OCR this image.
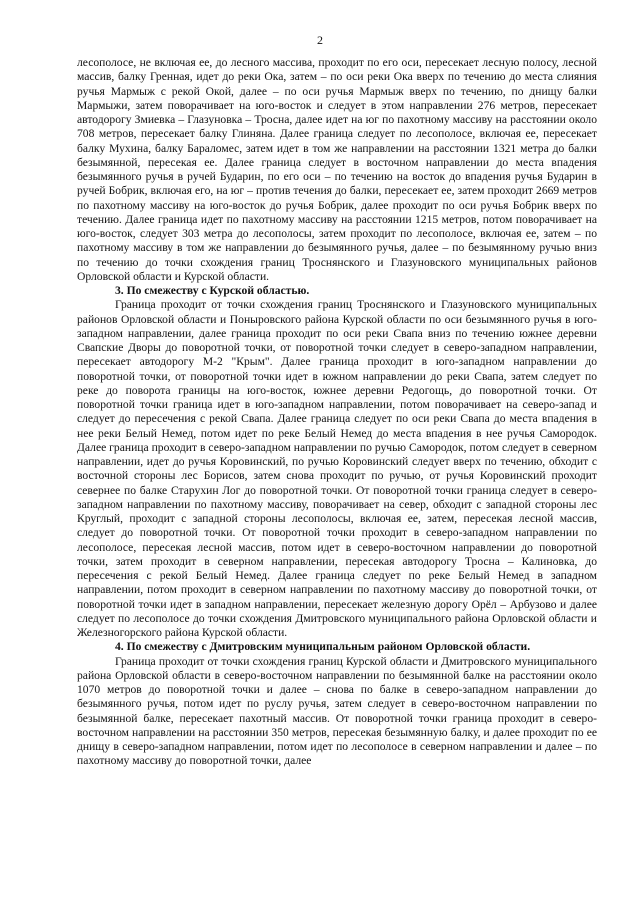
2

лесополосе, не включая ее, до лесного массива, проходит по его оси, пересекает лесную полосу, лесной массив, балку Гренная, идет до реки Ока, затем – по оси реки Ока вверх по течению до места слияния ручья Мармыж с рекой Окой, далее – по оси ручья Мармыж вверх по течению, по днищу балки Мармыжи, затем поворачивает на юго-восток и следует в этом направлении 276 метров, пересекает автодорогу Змиевка – Глазуновка – Тросна, далее идет на юг по пахотному массиву на расстоянии около 708 метров, пересекает балку Глиняна. Далее граница следует по лесополосе, включая ее, пересекает балку Мухина, балку Бараломес, затем идет в том же направлении на расстоянии 1321 метра до балки безымянной, пересекая ее. Далее граница следует в восточном направлении до места впадения безымянного ручья в ручей Бударин, по его оси – по течению на восток до впадения ручья Бударин в ручей Бобрик, включая его, на юг – против течения до балки, пересекает ее, затем проходит 2669 метров по пахотному массиву на юго-восток до ручья Бобрик, далее проходит по оси ручья Бобрик вверх по течению. Далее граница идет по пахотному массиву на расстоянии 1215 метров, потом поворачивает на юго-восток, следует 303 метра до лесополосы, затем проходит по лесополосе, включая ее, затем – по пахотному массиву в том же направлении до безымянного ручья, далее – по безымянному ручью вниз по течению до точки схождения границ Троснянского и Глазуновского муниципальных районов Орловской области и Курской области.

3. По смежеству с Курской областью.

Граница проходит от точки схождения границ Троснянского и Глазуновского муниципальных районов Орловской области и Поныровского района Курской области по оси безымянного ручья в юго-западном направлении, далее граница проходит по оси реки Свапа вниз по течению южнее деревни Свапские Дворы до поворотной точки, от поворотной точки следует в северо-западном направлении, пересекает автодорогу М-2 "Крым". Далее граница проходит в юго-западном направлении до поворотной точки, от поворотной точки идет в южном направлении до реки Свапа, затем следует по реке до поворота границы на юго-восток, южнее деревни Редогощь, до поворотной точки. От поворотной точки граница идет в юго-западном направлении, потом поворачивает на северо-запад и следует до пересечения с рекой Свапа. Далее граница следует по оси реки Свапа до места впадения в нее реки Белый Немед, потом идет по реке Белый Немед до места впадения в нее ручья Самородок. Далее граница проходит в северо-западном направлении по ручью Самородок, потом следует в северном направлении, идет до ручья Коровинский, по ручью Коровинский следует вверх по течению, обходит с восточной стороны лес Борисов, затем снова проходит по ручью, от ручья Коровинский проходит севернее по балке Старухин Лог до поворотной точки. От поворотной точки граница следует в северо-западном направлении по пахотному массиву, поворачивает на север, обходит с западной стороны лес Круглый, проходит с западной стороны лесополосы, включая ее, затем, пересекая лесной массив, следует до поворотной точки. От поворотной точки проходит в северо-западном направлении по лесополосе, пересекая лесной массив, потом идет в северо-восточном направлении до поворотной точки, затем проходит в северном направлении, пересекая автодорогу Тросна – Калиновка, до пересечения с рекой Белый Немед. Далее граница следует по реке Белый Немед в западном направлении, потом проходит в северном направлении по пахотному массиву до поворотной точки, от поворотной точки идет в западном направлении, пересекает железную дорогу Орёл – Арбузово и далее следует по лесополосе до точки схождения Дмитровского муниципального района Орловской области и Железногорского района Курской области.

4. По смежеству с Дмитровским муниципальным районом Орловской области.

Граница проходит от точки схождения границ Курской области и Дмитровского муниципального района Орловской области в северо-восточном направлении по безымянной балке на расстоянии около 1070 метров до поворотной точки и далее – снова по балке в северо-западном направлении до безымянного ручья, потом идет по руслу ручья, затем следует в северо-восточном направлении по безымянной балке, пересекает пахотный массив. От поворотной точки граница проходит в северо-восточном направлении на расстоянии 350 метров, пересекая безымянную балку, и далее проходит по ее днищу в северо-западном направлении, потом идет по лесополосе в северном направлении и далее – по пахотному массиву до поворотной точки, далее
